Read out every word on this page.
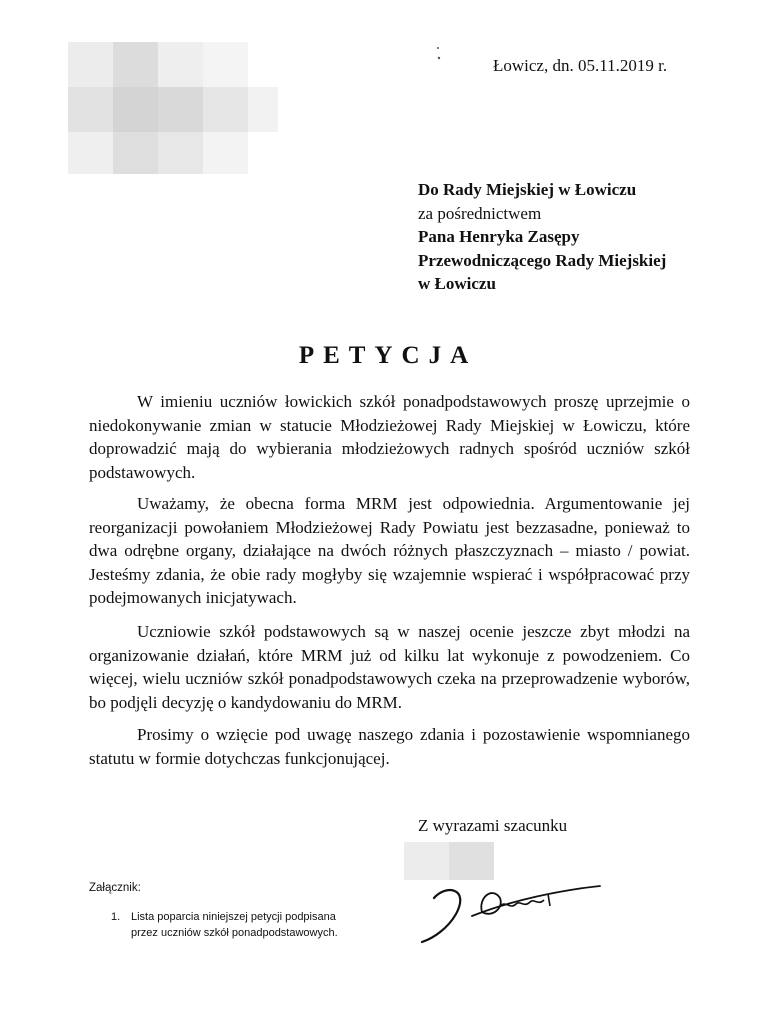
Łowicz, dn. 05.11.2019 r.
Do Rady Miejskiej w Łowiczu
za pośrednictwem
Pana Henryka Zasępy
Przewodniczącego Rady Miejskiej
w Łowiczu
PETYCJA

W imieniu uczniów łowickich szkół ponadpodstawowych proszę uprzejmie o niedokonywanie zmian w statucie Młodzieżowej Rady Miejskiej w Łowiczu, które doprowadzić mają do wybierania młodzieżowych radnych spośród uczniów szkół podstawowych.

Uważamy, że obecna forma MRM jest odpowiednia. Argumentowanie jej reorganizacji powołaniem Młodzieżowej Rady Powiatu jest bezzasadne, ponieważ to dwa odrębne organy, działające na dwóch różnych płaszczyznach – miasto / powiat. Jesteśmy zdania, że obie rady mogłyby się wzajemnie wspierać i współpracować przy podejmowanych inicjatywach.

Uczniowie szkół podstawowych są w naszej ocenie jeszcze zbyt młodzi na organizowanie działań, które MRM już od kilku lat wykonuje z powodzeniem. Co więcej, wielu uczniów szkół ponadpodstawowych czeka na przeprowadzenie wyborów, bo podjęli decyzję o kandydowaniu do MRM.

Prosimy o wzięcie pod uwagę naszego zdania i pozostawienie wspomnianego statutu w formie dotychczas funkcjonującej.

Z wyrazami szacunku
Załącznik:
1. Lista poparcia niniejszej petycji podpisana przez uczniów szkół ponadpodstawowych.
